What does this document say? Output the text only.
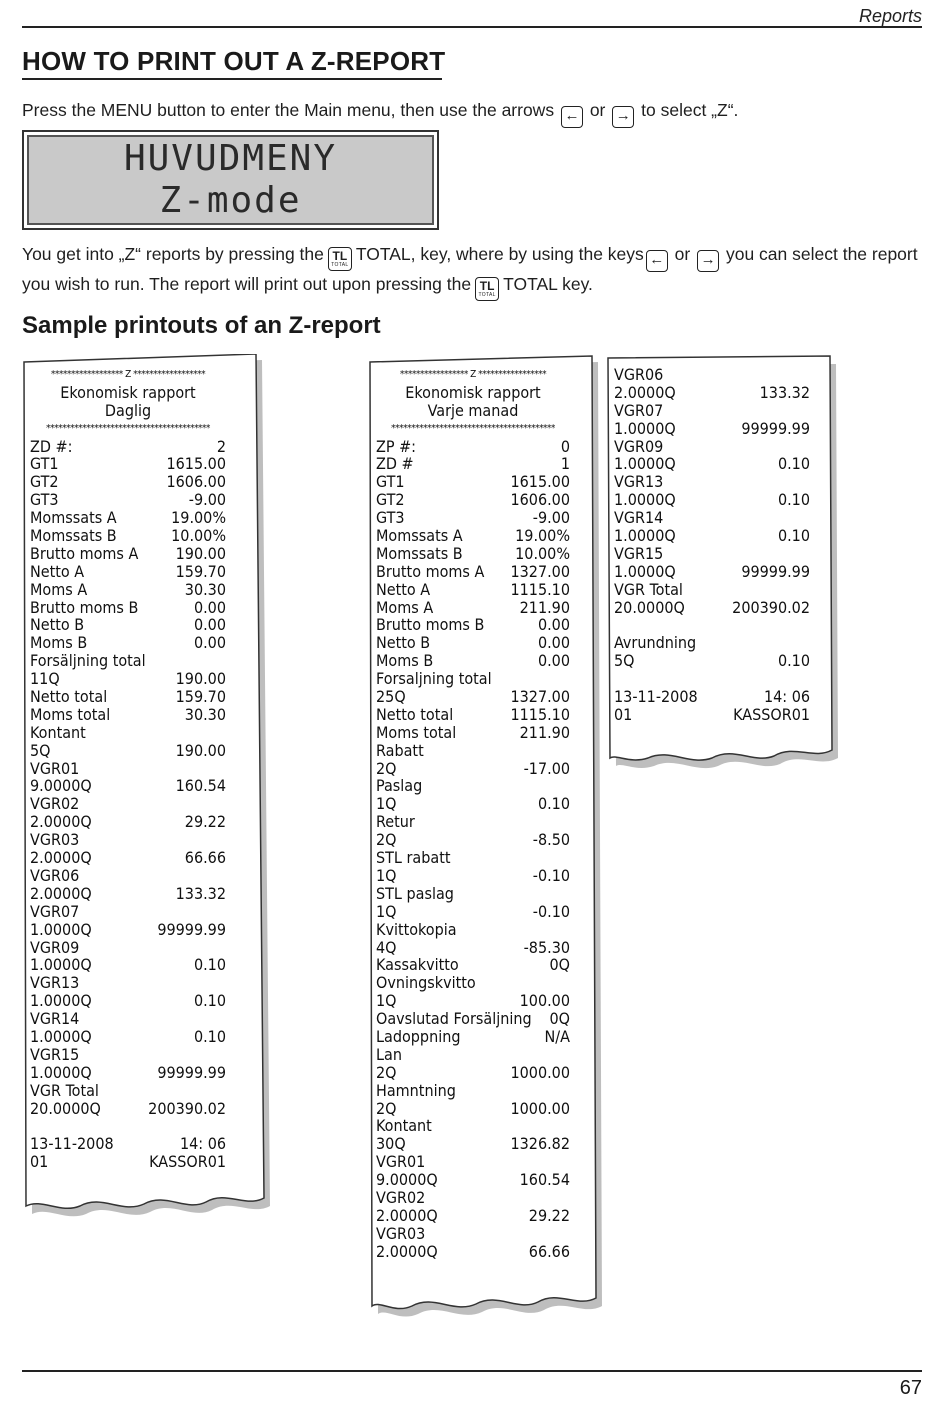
Reports
HOW TO PRINT OUT A Z-REPORT

Press the MENU button to enter the Main menu, then use the arrows ← or → to select „Z“.

HUVUDMENY
Z-mode

You get into „Z“ reports by pressing the TL
TOTAL
TOTAL, key, where by using the keys ← or → you can select the report you wish to run. The report will print out upon pressing the TL
TOTAL
TOTAL key.

Sample printouts of an Z-report
****************** Z ******************
Ekonomisk rapport
Daglig
*****************************************
ZD #:	2
GT1	1615.00
GT2	1606.00
GT3	-9.00
Momssats A	19.00%
Momssats B	10.00%
Brutto moms A 190.00
Netto A	159.70
Moms A	30.30
Brutto moms B	0.00
Netto B	0.00
Moms B	0.00
Forsäljning total
11Q	190.00
Netto total	159.70
Moms total	30.30
Kontant
5Q	190.00
VGR01
9.0000Q	160.54
VGR02
2.0000Q	29.22
VGR03
2.0000Q	66.66
VGR06
2.0000Q	133.32
VGR07
1.0000Q	99999.99
VGR09
1.0000Q	0.10
VGR13
1.0000Q	0.10
VGR14
1.0000Q	0.10
VGR15
1.0000Q	99999.99
VGR Total
20.0000Q	200390.02
13-11-2008	14: 06
01	KASSOR01
***************** Z *****************
Ekonomisk rapport
Varje manad
*****************************************
ZP #:	0
ZD #	1
GT1	1615.00
GT2	1606.00
GT3	-9.00
Momssats A	19.00%
Momssats B	10.00%
Brutto moms A 1327.00
Netto A	1115.10
Moms A	211.90
Brutto moms B	0.00
Netto B	0.00
Moms B	0.00
Forsaljning total
25Q	1327.00
Netto total	1115.10
Moms total	211.90
Rabatt
2Q	-17.00
Paslag
1Q	0.10
Retur
2Q	-8.50
STL rabatt
1Q	-0.10
STL paslag
1Q	-0.10
Kvittokopia
4Q	-85.30
Kassakvitto	0Q
Ovningskvitto
1Q	100.00
Oavslutad Forsäljning 0Q
Ladoppning	N/A
Lan
2Q	1000.00
Hamntning
2Q	1000.00
Kontant
30Q	1326.82
VGR01
9.0000Q	160.54
VGR02
2.0000Q	29.22
VGR03
2.0000Q	66.66
VGR06
2.0000Q	133.32
VGR07
1.0000Q	99999.99
VGR09
1.0000Q	0.10
VGR13
1.0000Q	0.10
VGR14
1.0000Q	0.10
VGR15
1.0000Q	99999.99
VGR Total
20.0000Q	200390.02
Avrundning
5Q	0.10
13-11-2008	14: 06
01	KASSOR01
67
